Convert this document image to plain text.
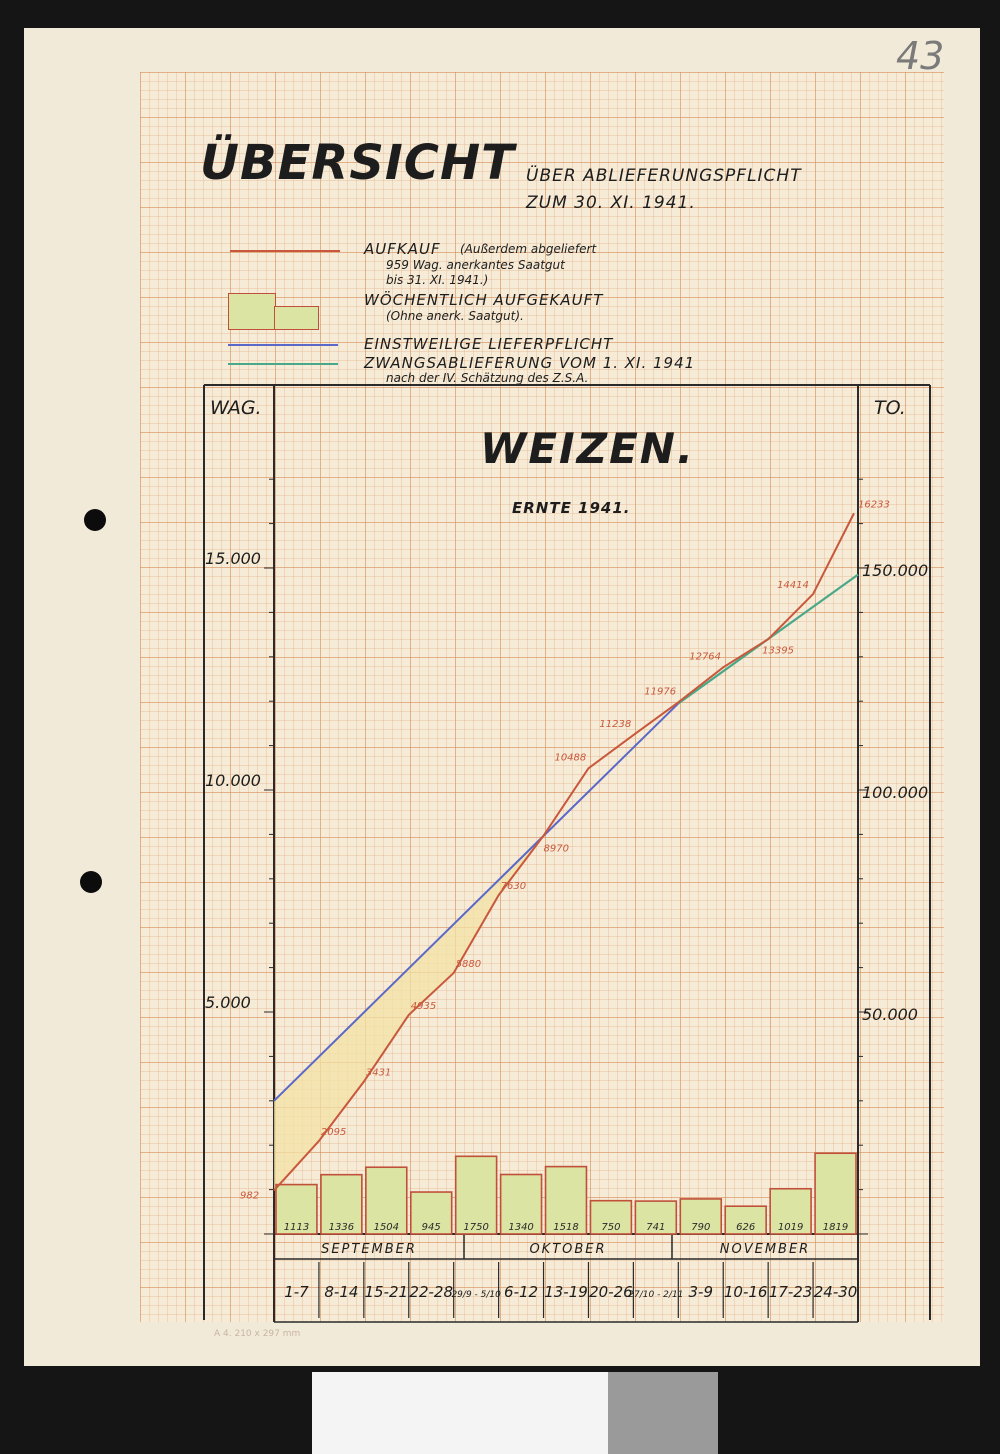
43
ÜBERSICHT ÜBER ABLIEFERUNGSPFLICHT
ZUM 30. XI. 1941.
AUFKAUF (Außerdem abgeliefert
959 Wag. anerkantes Saatgut
bis 31. XI. 1941.)
WÖCHENTLICH AUFGEKAUFT
(Ohne anerk. Saatgut).
EINSTWEILIGE LIEFERPFLICHT
ZWANGSABLIEFERUNG VOM 1. XI. 1941
nach der IV. Schätzung des Z.S.A.
A 4. 210 x 297 mm
1113 1336 1504 945 1750 1340 1518 750	741	790	626 1019 1819
982
2095
3431
4935
5880
7630
8970
10488
11238
11976
12764
13395
14414
16233
WAG.	TO.
WEIZEN.
ERNTE 1941.
15.000
150.000
10.000
100.000
5.000
50.000
SEPTEMBER	OKTOBER	NOVEMBER
1-7 8-14 15-21 22-28
29/9 - 5/10 6-12 13-19 20-26
27/10 - 2/11 3-9 10-16 17-23 24-30
